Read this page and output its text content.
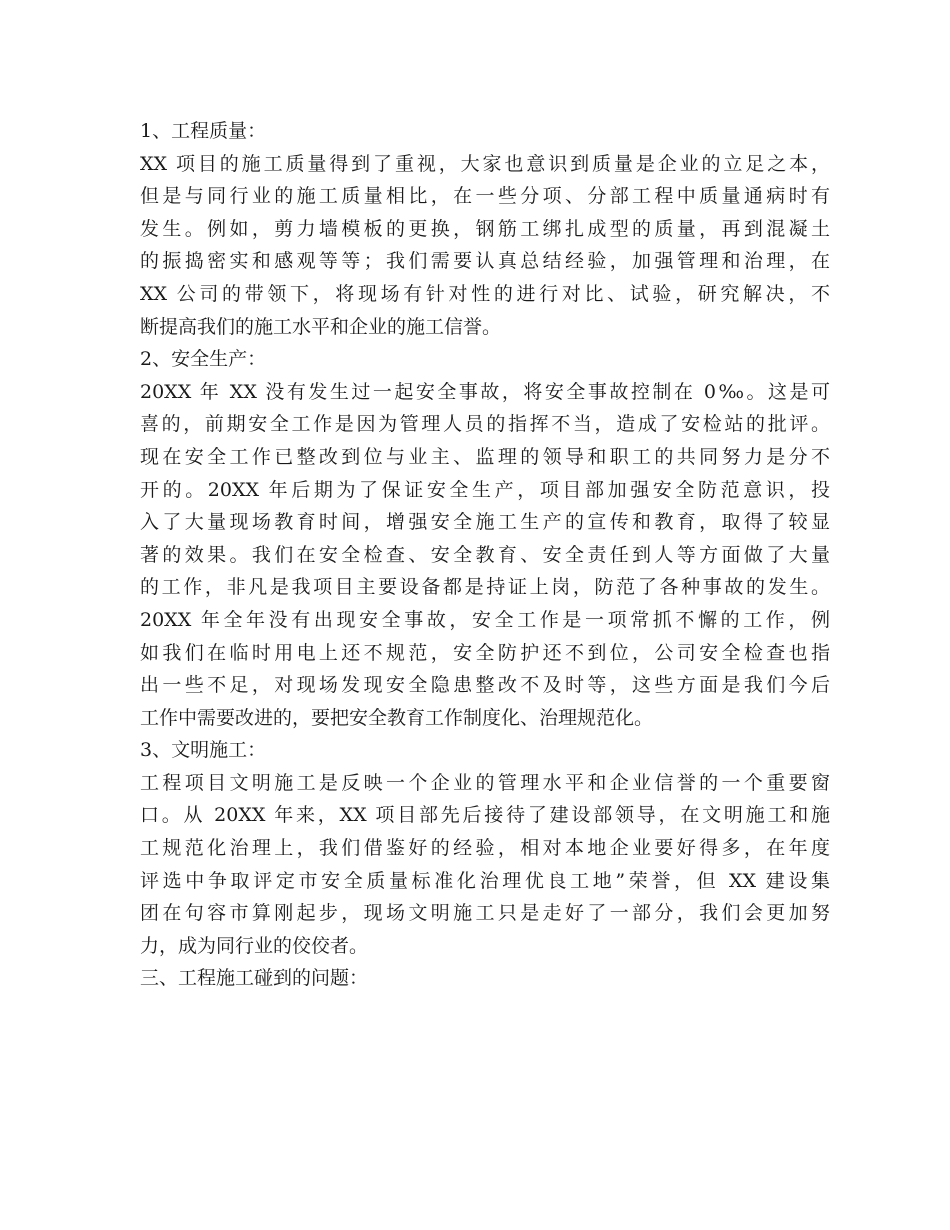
1、工程质量：
XX 项目的施工质量得到了重视，大家也意识到质量是企业的立足之本，
但是与同行业的施工质量相比，在一些分项、分部工程中质量通病时有
发生。例如，剪力墙模板的更换，钢筋工绑扎成型的质量，再到混凝土
的振捣密实和感观等等；我们需要认真总结经验，加强管理和治理，在
XX 公司的带领下，将现场有针对性的进行对比、试验，研究解决，不
断提高我们的施工水平和企业的施工信誉。
2、安全生产：
20XX 年 XX 没有发生过一起安全事故，将安全事故控制在 0‰。这是可
喜的，前期安全工作是因为管理人员的指挥不当，造成了安检站的批评。
现在安全工作已整改到位与业主、监理的领导和职工的共同努力是分不
开的。20XX 年后期为了保证安全生产，项目部加强安全防范意识，投
入了大量现场教育时间，增强安全施工生产的宣传和教育，取得了较显
著的效果。我们在安全检查、安全教育、安全责任到人等方面做了大量
的工作，非凡是我项目主要设备都是持证上岗，防范了各种事故的发生。
20XX 年全年没有出现安全事故，安全工作是一项常抓不懈的工作，例
如我们在临时用电上还不规范，安全防护还不到位，公司安全检查也指
出一些不足，对现场发现安全隐患整改不及时等，这些方面是我们今后
工作中需要改进的，要把安全教育工作制度化、治理规范化。
3、文明施工：
工程项目文明施工是反映一个企业的管理水平和企业信誉的一个重要窗
口。从 20XX 年来，XX 项目部先后接待了建设部领导，在文明施工和施
工规范化治理上，我们借鉴好的经验，相对本地企业要好得多，在年度
评选中争取评定市安全质量标准化治理优良工地”荣誉，但 XX 建设集
团在句容市算刚起步，现场文明施工只是走好了一部分，我们会更加努
力，成为同行业的佼佼者。
三、工程施工碰到的问题：
